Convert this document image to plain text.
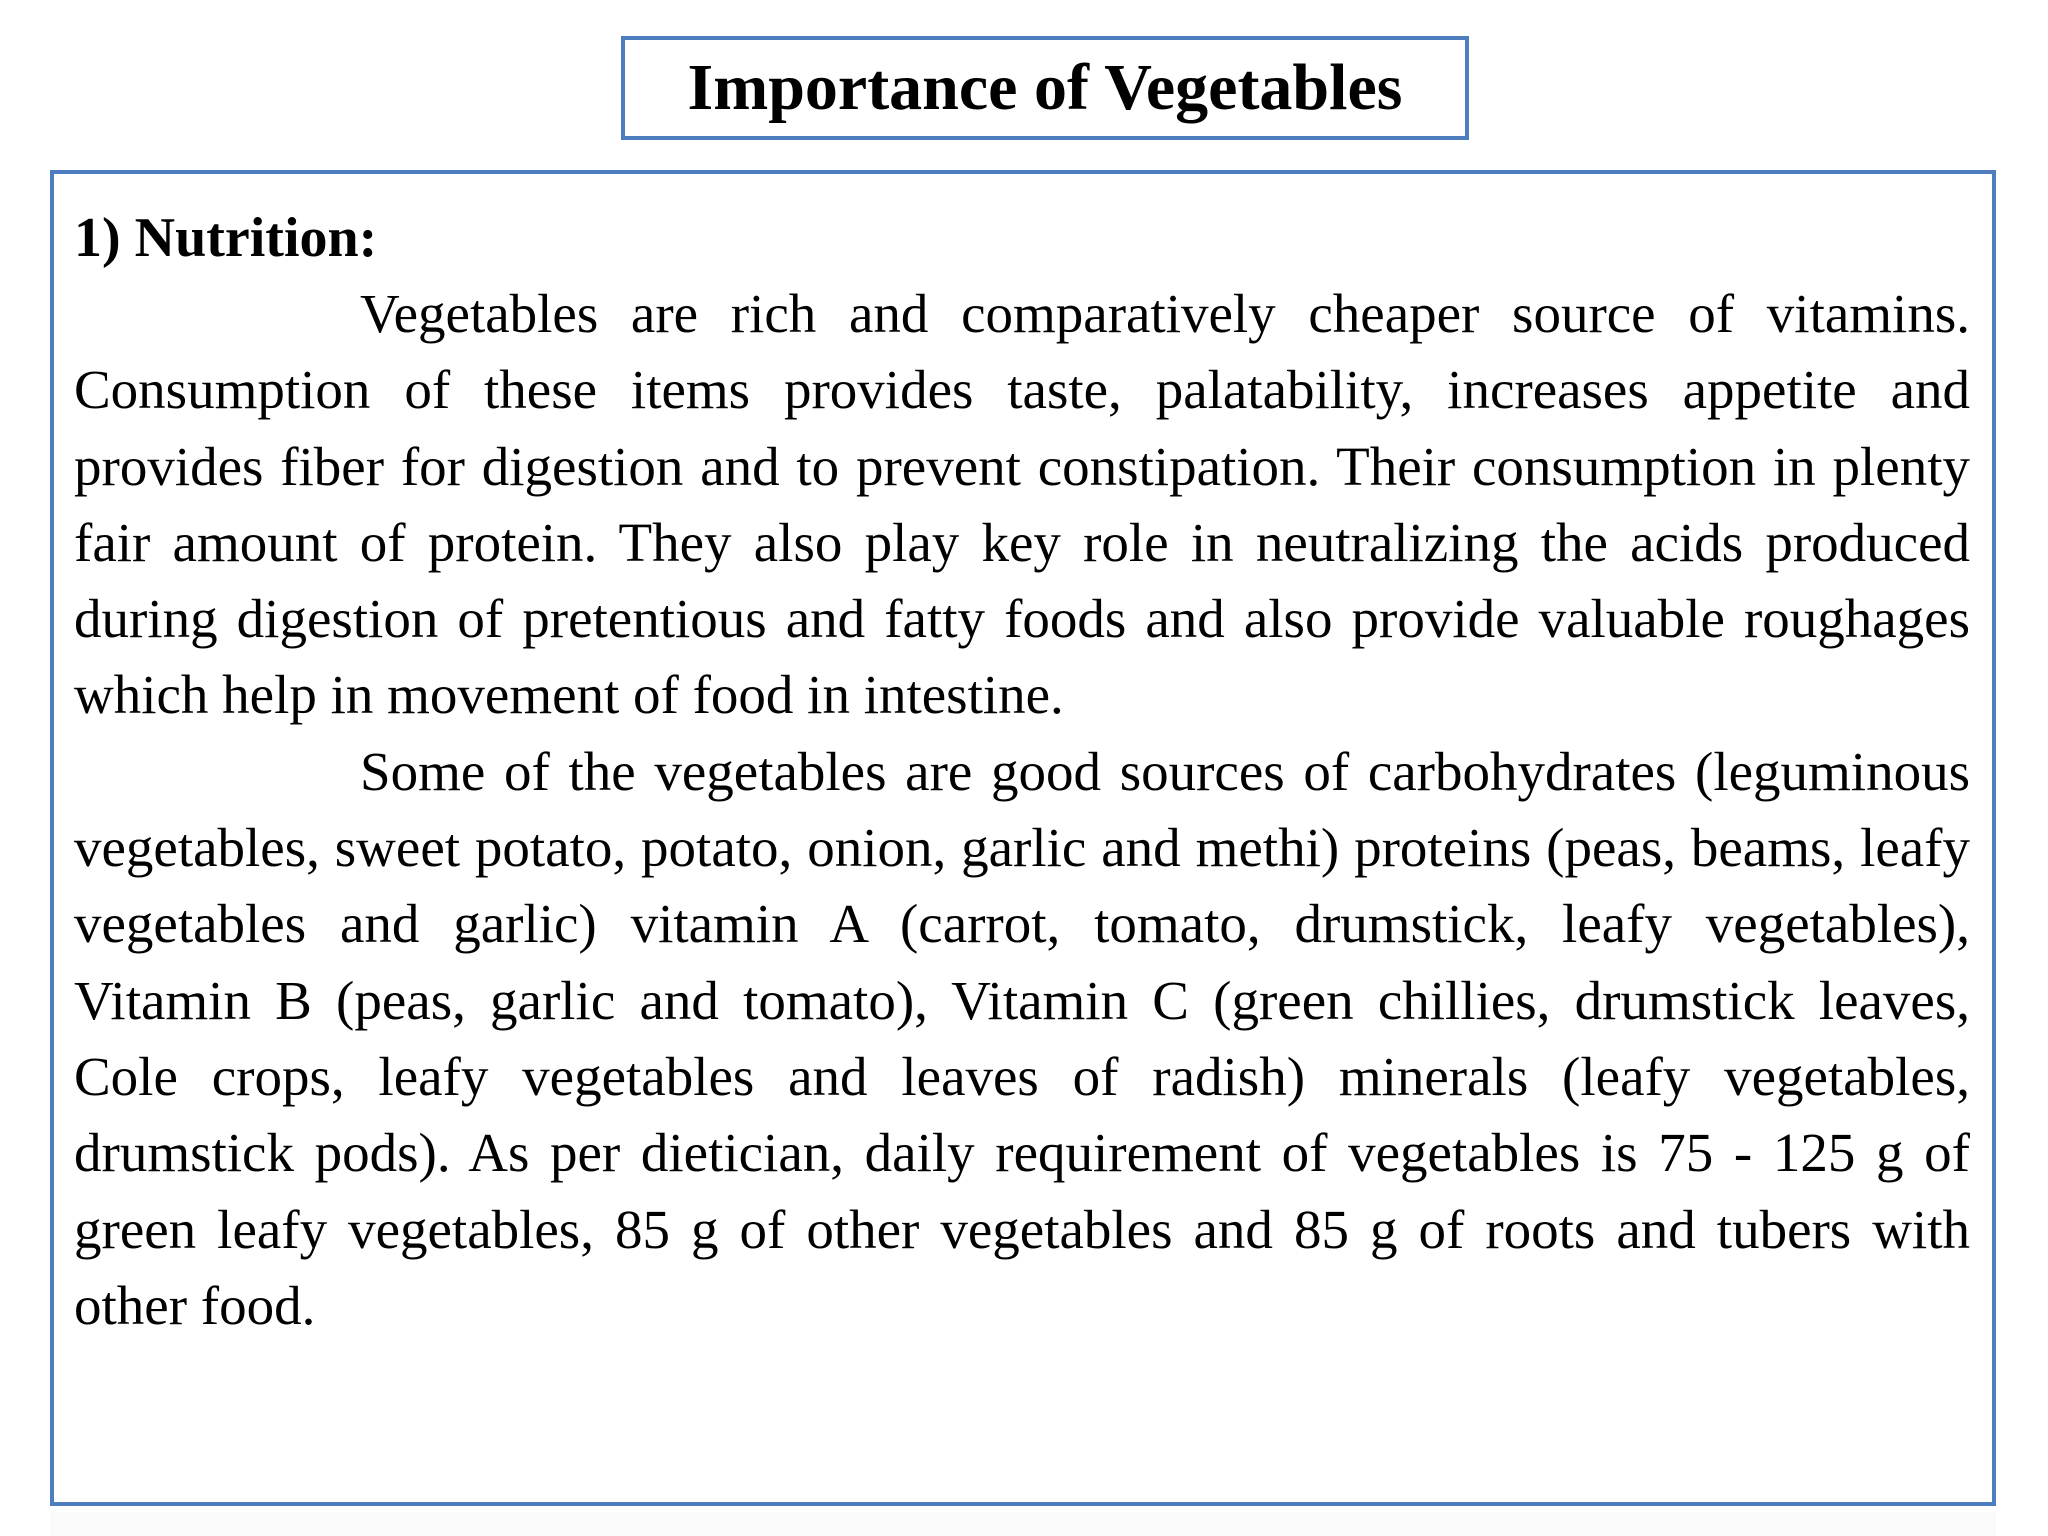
Importance of Vegetables

1) Nutrition:

Vegetables are rich and comparatively cheaper source of vitamins. Consumption of these items provides taste, palatability, increases appetite and provides fiber for digestion and to prevent constipation. Their consumption in plenty fair amount of protein. They also play key role in neutralizing the acids produced during digestion of pretentious and fatty foods and also provide valuable roughages which help in movement of food in intestine.

Some of the vegetables are good sources of carbohydrates (leguminous vegetables, sweet potato, potato, onion, garlic and methi) proteins (peas, beams, leafy vegetables and garlic) vitamin A (carrot, tomato, drumstick, leafy vegetables), Vitamin B (peas, garlic and tomato), Vitamin C (green chillies, drumstick leaves, Cole crops, leafy vegetables and leaves of radish) minerals (leafy vegetables, drumstick pods). As per dietician, daily requirement of vegetables is 75 - 125 g of green leafy vegetables, 85 g of other vegetables and 85 g of roots and tubers with other food.
